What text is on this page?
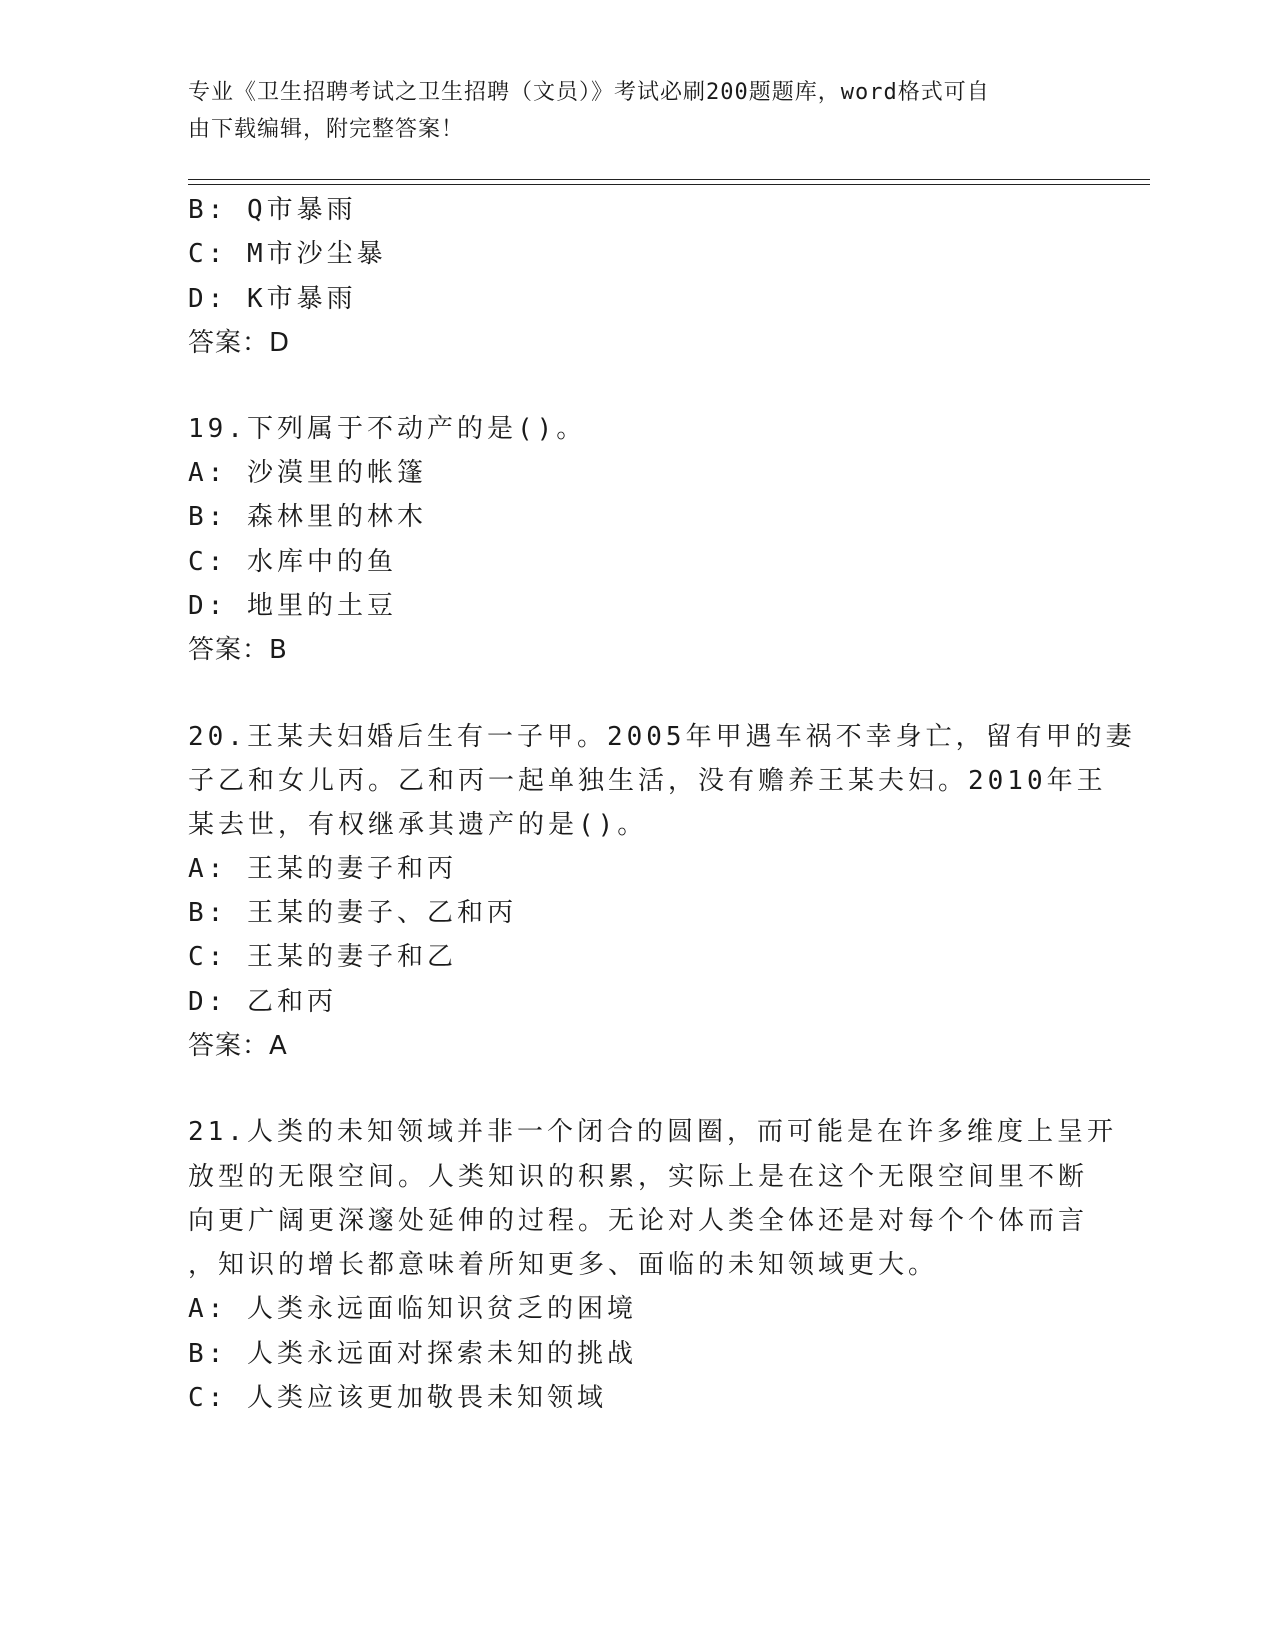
专业《卫生招聘考试之卫生招聘（文员）》考试必刷200题题库，word格式可自
由下载编辑，附完整答案！
B: Q市暴雨
C: M市沙尘暴
D: K市暴雨
答案：D
19.下列属于不动产的是()。
A: 沙漠里的帐篷
B: 森林里的林木
C: 水库中的鱼
D: 地里的土豆
答案：B
20.王某夫妇婚后生有一子甲。2005年甲遇车祸不幸身亡，留有甲的妻
子乙和女儿丙。乙和丙一起单独生活，没有赡养王某夫妇。2010年王
某去世，有权继承其遗产的是()。
A: 王某的妻子和丙
B: 王某的妻子、乙和丙
C: 王某的妻子和乙
D: 乙和丙
答案：A
21.人类的未知领域并非一个闭合的圆圈，而可能是在许多维度上呈开
放型的无限空间。人类知识的积累，实际上是在这个无限空间里不断
向更广阔更深邃处延伸的过程。无论对人类全体还是对每个个体而言
，知识的增长都意味着所知更多、面临的未知领域更大。
A: 人类永远面临知识贫乏的困境
B: 人类永远面对探索未知的挑战
C: 人类应该更加敬畏未知领域
